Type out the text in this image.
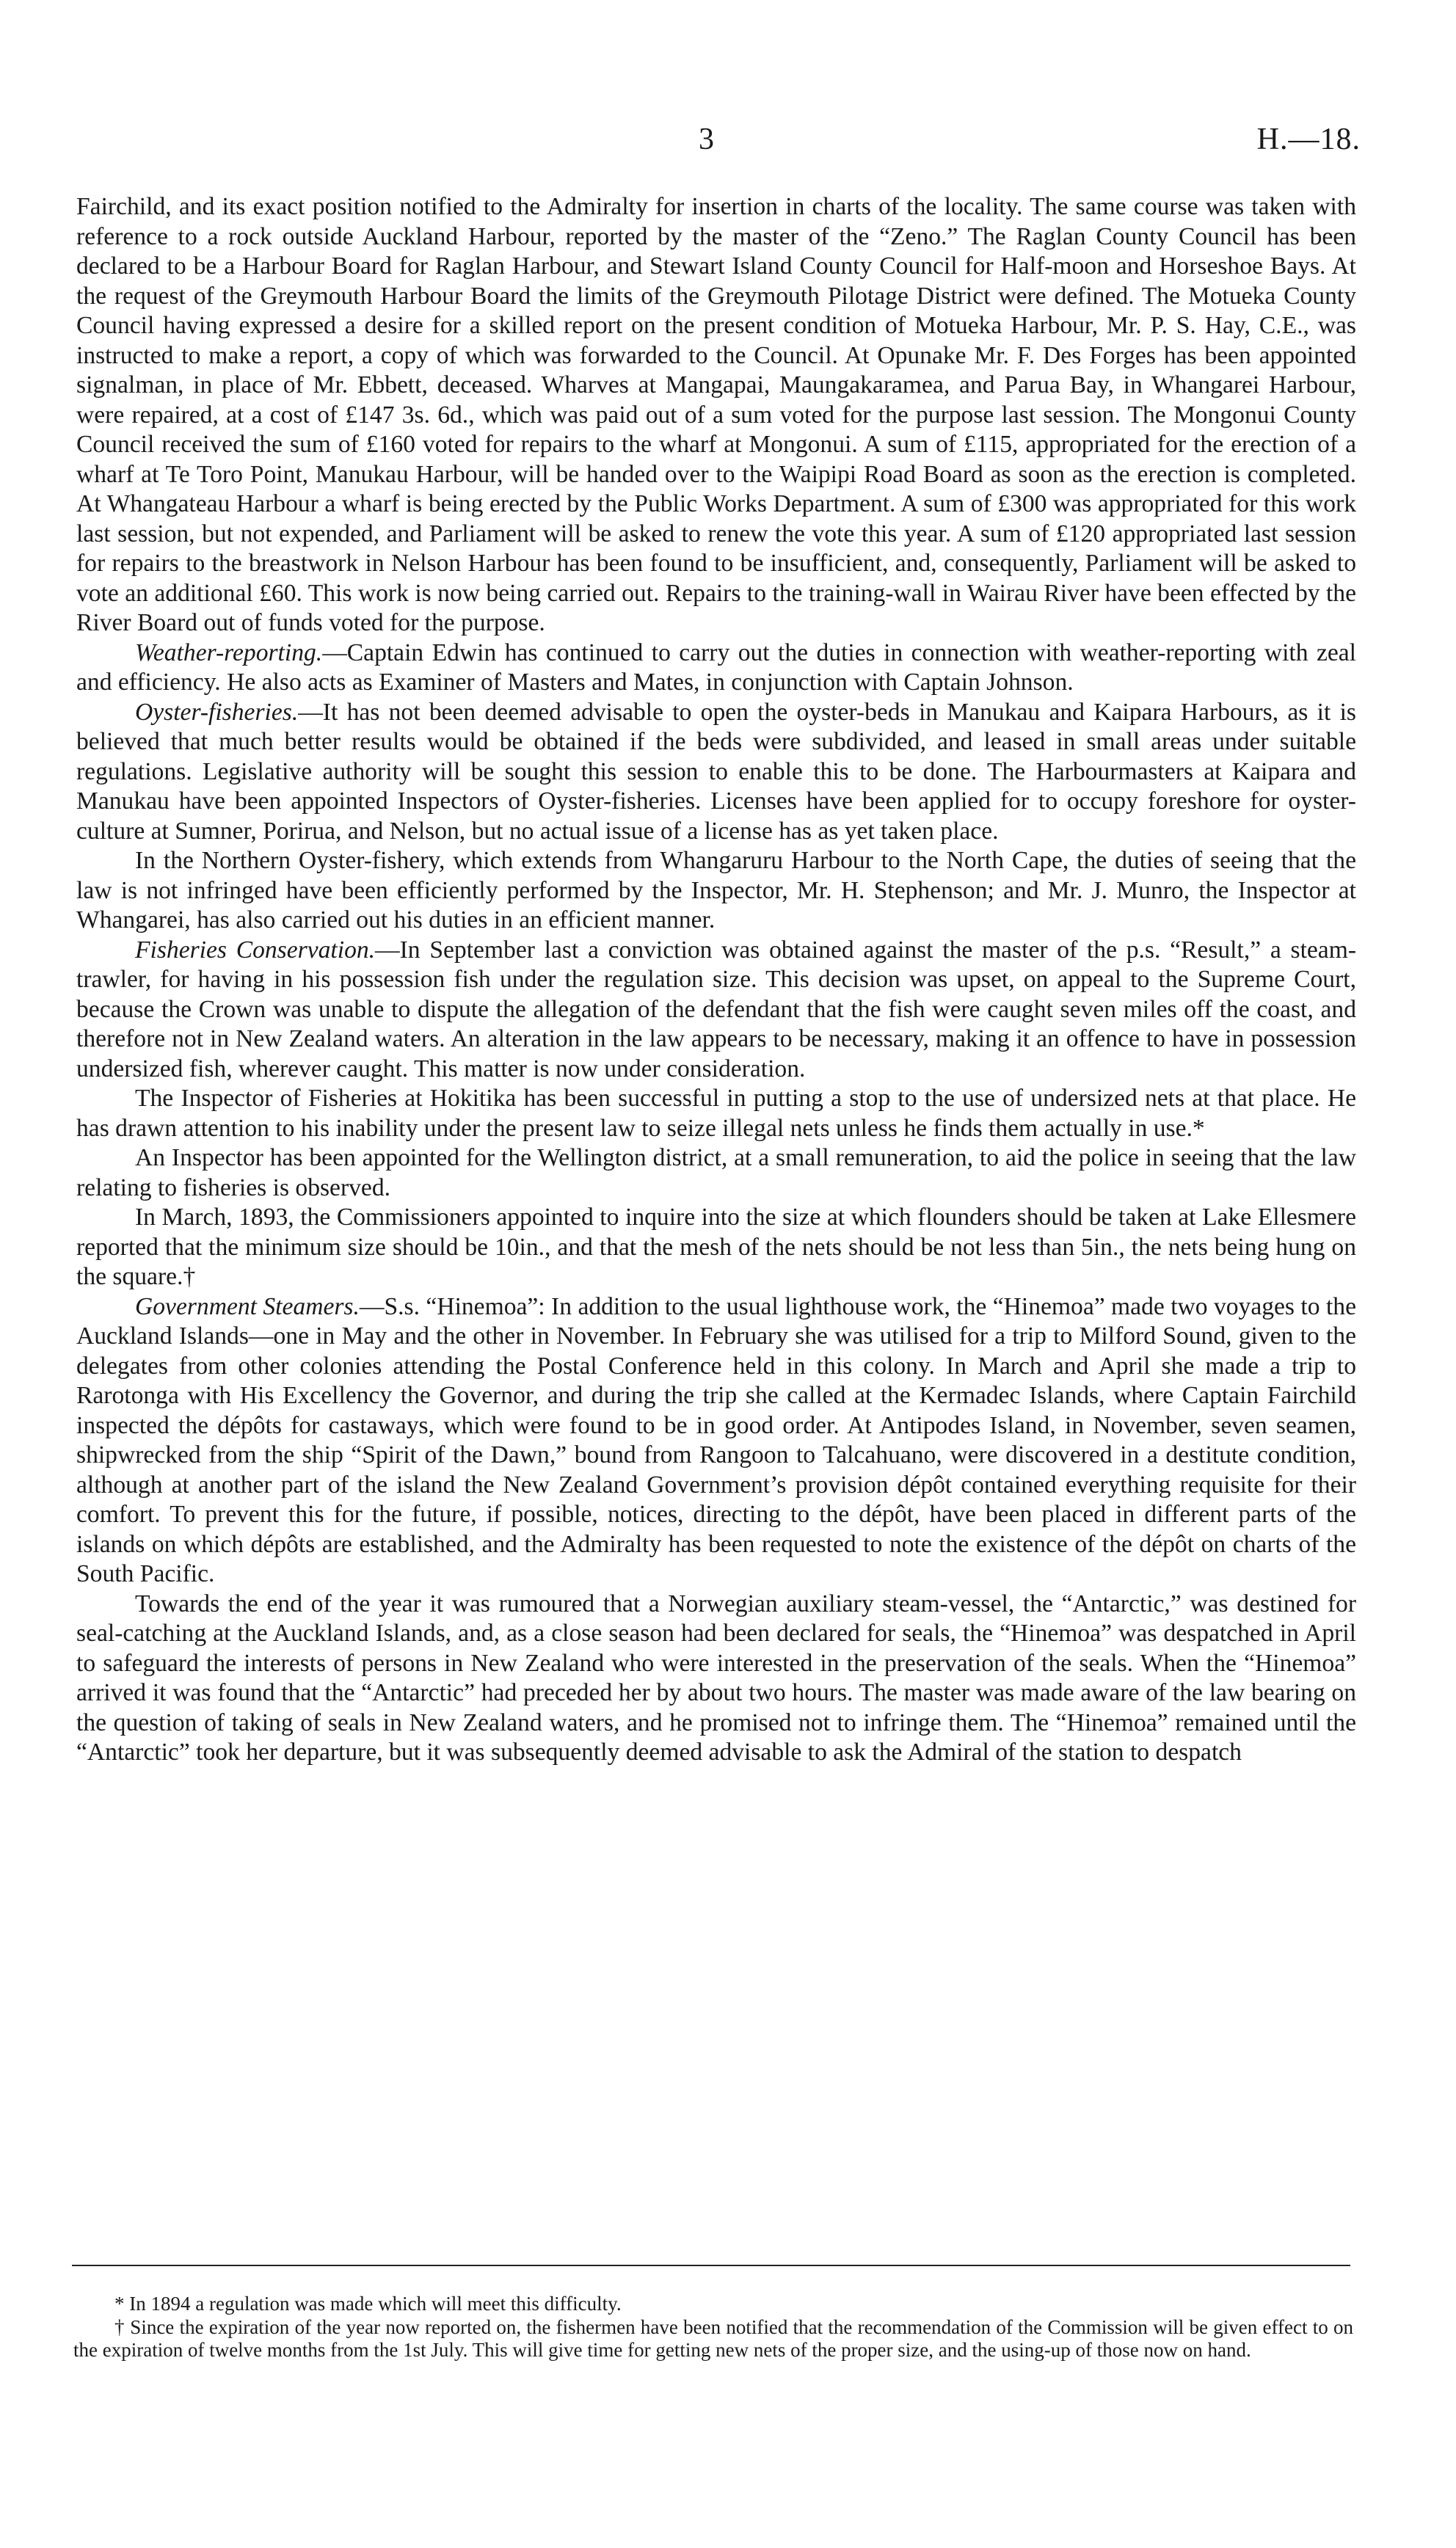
3	H.—18.

Fairchild, and its exact position notified to the Admiralty for insertion in charts of the locality. The same course was taken with reference to a rock outside Auckland Harbour, reported by the master of the “Zeno.” The Raglan County Council has been declared to be a Harbour Board for Raglan Harbour, and Stewart Island County Council for Half-moon and Horseshoe Bays. At the request of the Greymouth Harbour Board the limits of the Greymouth Pilotage District were defined. The Motueka County Council having expressed a desire for a skilled report on the present condition of Motueka Harbour, Mr. P. S. Hay, C.E., was instructed to make a report, a copy of which was forwarded to the Council. At Opunake Mr. F. Des Forges has been appointed signalman, in place of Mr. Ebbett, deceased. Wharves at Mangapai, Maungakaramea, and Parua Bay, in Whangarei Harbour, were repaired, at a cost of £147 3s. 6d., which was paid out of a sum voted for the purpose last session. The Mongonui County Council received the sum of £160 voted for repairs to the wharf at Mongonui. A sum of £115, appropriated for the erection of a wharf at Te Toro Point, Manukau Harbour, will be handed over to the Waipipi Road Board as soon as the erection is completed. At Whangateau Harbour a wharf is being erected by the Public Works Department. A sum of £300 was appropriated for this work last session, but not expended, and Parliament will be asked to renew the vote this year. A sum of £120 appropriated last session for repairs to the breastwork in Nelson Harbour has been found to be insufficient, and, consequently, Parliament will be asked to vote an additional £60. This work is now being carried out. Repairs to the training-wall in Wairau River have been effected by the River Board out of funds voted for the purpose.

Weather-reporting.—Captain Edwin has continued to carry out the duties in connection with weather-reporting with zeal and efficiency. He also acts as Examiner of Masters and Mates, in conjunction with Captain Johnson.

Oyster-fisheries.—It has not been deemed advisable to open the oyster-beds in Manukau and Kaipara Harbours, as it is believed that much better results would be obtained if the beds were subdivided, and leased in small areas under suitable regulations. Legislative authority will be sought this session to enable this to be done. The Harbourmasters at Kaipara and Manukau have been appointed Inspectors of Oyster-fisheries. Licenses have been applied for to occupy foreshore for oyster-culture at Sumner, Porirua, and Nelson, but no actual issue of a license has as yet taken place.

In the Northern Oyster-fishery, which extends from Whangaruru Harbour to the North Cape, the duties of seeing that the law is not infringed have been efficiently performed by the Inspector, Mr. H. Stephenson; and Mr. J. Munro, the Inspector at Whangarei, has also carried out his duties in an efficient manner.

Fisheries Conservation.—In September last a conviction was obtained against the master of the p.s. “Result,” a steam-trawler, for having in his possession fish under the regulation size. This decision was upset, on appeal to the Supreme Court, because the Crown was unable to dispute the allegation of the defendant that the fish were caught seven miles off the coast, and therefore not in New Zealand waters. An alteration in the law appears to be necessary, making it an offence to have in possession undersized fish, wherever caught. This matter is now under consideration.

The Inspector of Fisheries at Hokitika has been successful in putting a stop to the use of undersized nets at that place. He has drawn attention to his inability under the present law to seize illegal nets unless he finds them actually in use.*

An Inspector has been appointed for the Wellington district, at a small remuneration, to aid the police in seeing that the law relating to fisheries is observed.

In March, 1893, the Commissioners appointed to inquire into the size at which flounders should be taken at Lake Ellesmere reported that the minimum size should be 10in., and that the mesh of the nets should be not less than 5in., the nets being hung on the square.†

Government Steamers.—S.s. “Hinemoa”: In addition to the usual lighthouse work, the “Hinemoa” made two voyages to the Auckland Islands—one in May and the other in November. In February she was utilised for a trip to Milford Sound, given to the delegates from other colonies attending the Postal Conference held in this colony. In March and April she made a trip to Rarotonga with His Excellency the Governor, and during the trip she called at the Kermadec Islands, where Captain Fairchild inspected the dépôts for castaways, which were found to be in good order. At Antipodes Island, in November, seven seamen, shipwrecked from the ship “Spirit of the Dawn,” bound from Rangoon to Talcahuano, were discovered in a destitute condition, although at another part of the island the New Zealand Government’s provision dépôt contained everything requisite for their comfort. To prevent this for the future, if possible, notices, directing to the dépôt, have been placed in different parts of the islands on which dépôts are established, and the Admiralty has been requested to note the existence of the dépôt on charts of the South Pacific.

Towards the end of the year it was rumoured that a Norwegian auxiliary steam-vessel, the “Antarctic,” was destined for seal-catching at the Auckland Islands, and, as a close season had been declared for seals, the “Hinemoa” was despatched in April to safeguard the interests of persons in New Zealand who were interested in the preservation of the seals. When the “Hinemoa” arrived it was found that the “Antarctic” had preceded her by about two hours. The master was made aware of the law bearing on the question of taking of seals in New Zealand waters, and he promised not to infringe them. The “Hinemoa” remained until the “Antarctic” took her departure, but it was subsequently deemed advisable to ask the Admiral of the station to despatch

* In 1894 a regulation was made which will meet this difficulty.

† Since the expiration of the year now reported on, the fishermen have been notified that the recommendation of the Commission will be given effect to on the expiration of twelve months from the 1st July. This will give time for getting new nets of the proper size, and the using-up of those now on hand.
